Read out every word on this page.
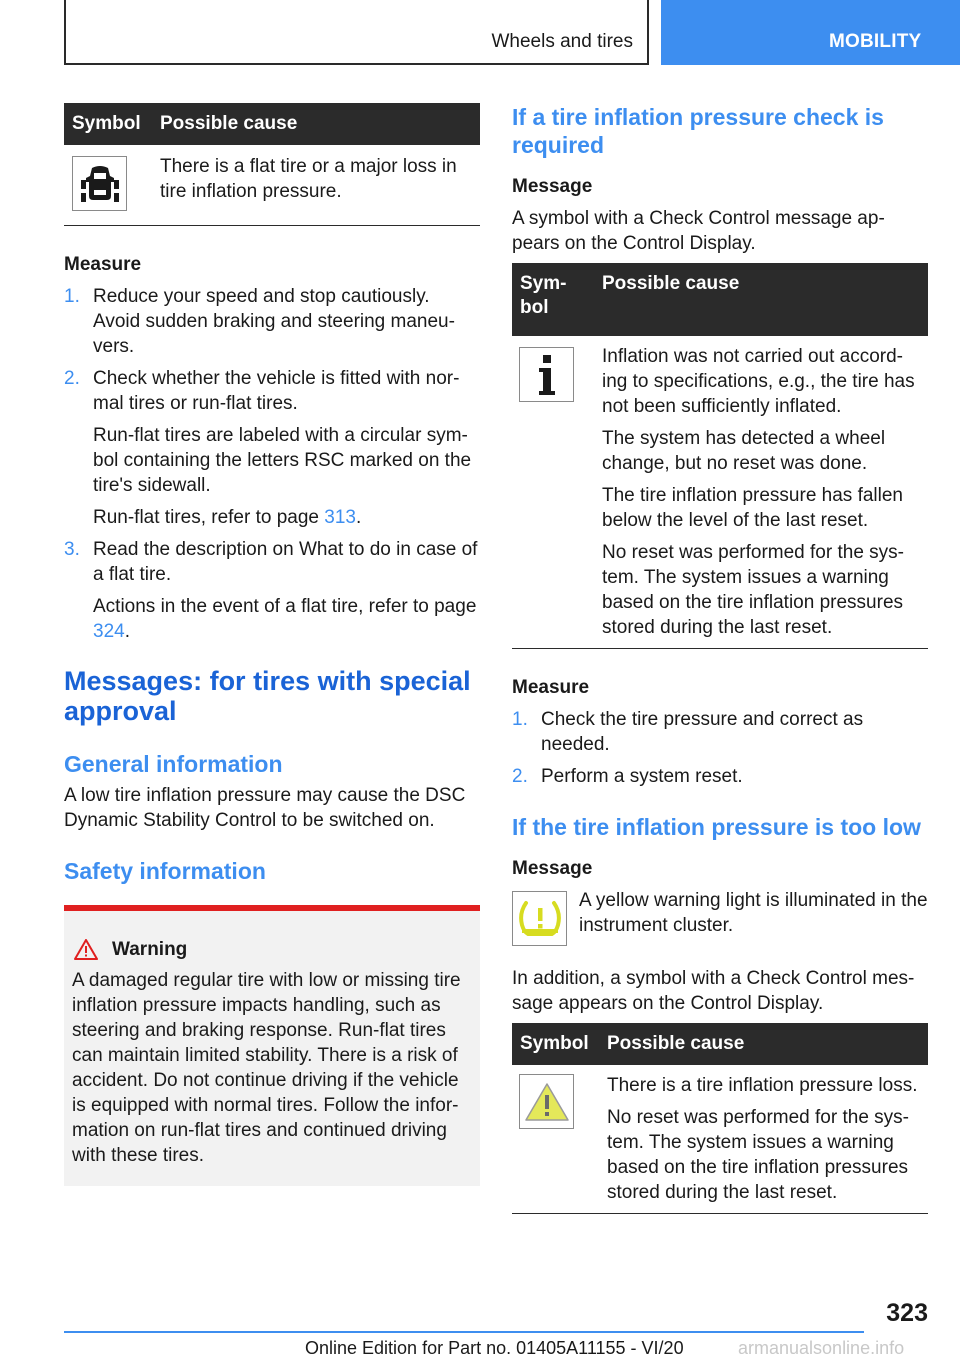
Wheels and tires	MOBILITY
Symbol	Possible cause

	There is a flat tire or a major loss in tire inflation pressure.
Measure
1. Reduce your speed and stop cautiously. Avoid sudden braking and steering maneu-vers.

2. Check whether the vehicle is fitted with nor-mal tires or run-flat tires.

Run-flat tires are labeled with a circular sym-bol containing the letters RSC marked on the tire's sidewall.

Run-flat tires, refer to page 313.

3. Read the description on What to do in case of a flat tire.

Actions in the event of a flat tire, refer to page 324.

Messages: for tires with special approval
General information

A low tire inflation pressure may cause the DSC Dynamic Stability Control to be switched on.

Safety information
Warning

A damaged regular tire with low or missing tire inflation pressure impacts handling, such as steering and braking response. Run-flat tires can maintain limited stability. There is a risk of accident. Do not continue driving if the vehicle is equipped with normal tires. Follow the infor-mation on run-flat tires and continued driving with these tires.

If a tire inflation pressure check is required
Message

A symbol with a Check Control message ap-pears on the Control Display.

Sym-bol	Possible cause

Inflation was not carried out accord-ing to specifications, e.g., the tire has not been sufficiently inflated.

The system has detected a wheel change, but no reset was done.

The tire inflation pressure has fallen below the level of the last reset.

No reset was performed for the sys-tem. The system issues a warning based on the tire inflation pressures stored during the last reset.

Measure
1. Check the tire pressure and correct as needed.

2. Perform a system reset.

If the tire inflation pressure is too low
Message

A yellow warning light is illuminated in the instrument cluster.

In addition, a symbol with a Check Control mes-sage appears on the Control Display.

Symbol	Possible cause

There is a tire inflation pressure loss.

No reset was performed for the sys-tem. The system issues a warning based on the tire inflation pressures stored during the last reset.

323
Online Edition for Part no. 01405A11155 - VI/20	armanualsonline.info
